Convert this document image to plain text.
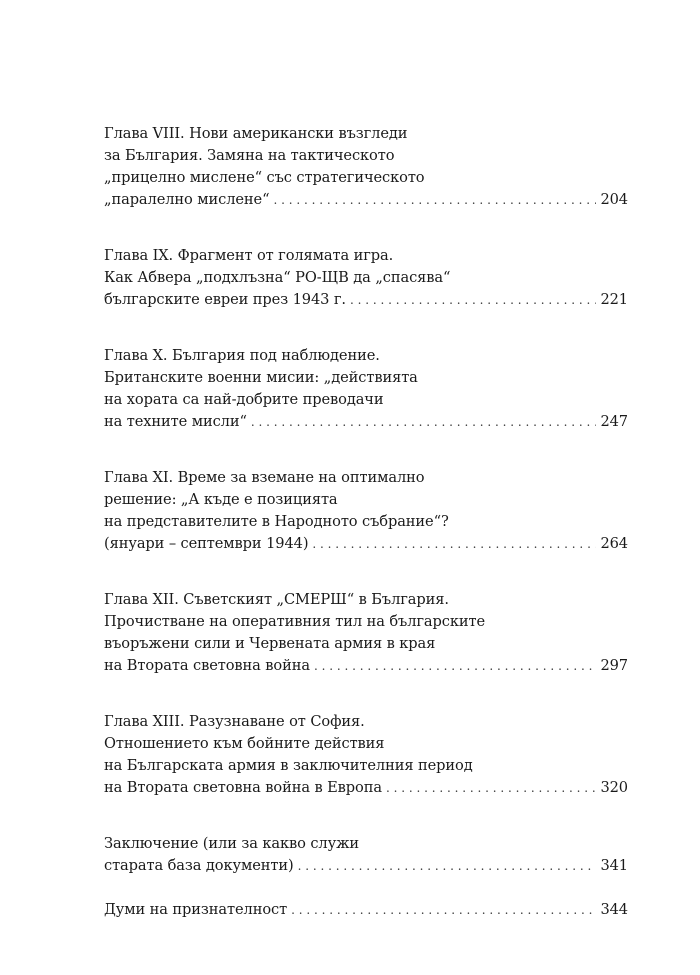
Глава VIII. Нови американски възгледи
за България. Замяна на тактическото
„прицелно мислене“ със стратегическото
„паралелно мислене“ . . .	204
Глава IX. Фрагмент от голямата игра.
Как Абвера „подхлъзна“ РО-ЩВ да „спасява“
българските евреи през 1943 г. . . .	221
Глава X. България под наблюдение.
Британските военни мисии: „действията
на хората са най-добрите преводачи
на техните мисли“ . . .	247
Глава XI. Време за вземане на оптимално
решение: „А къде е позицията
на представителите в Народното събрание“?
(януари – септември 1944) . . .	264
Глава XII. Съветският „СМЕРШ“ в България.
Прочистване на оперативния тил на българските
въоръжени сили и Червената армия в края
на Втората световна война . . .	297
Глава XIII. Разузнаване от София.
Отношението към бойните действия
на Българската армия в заключителния период
на Втората световна война в Европа . . .	320
Заключение (или за какво служи
старата база документи) . . .	341
Думи на признателност . . .	344
